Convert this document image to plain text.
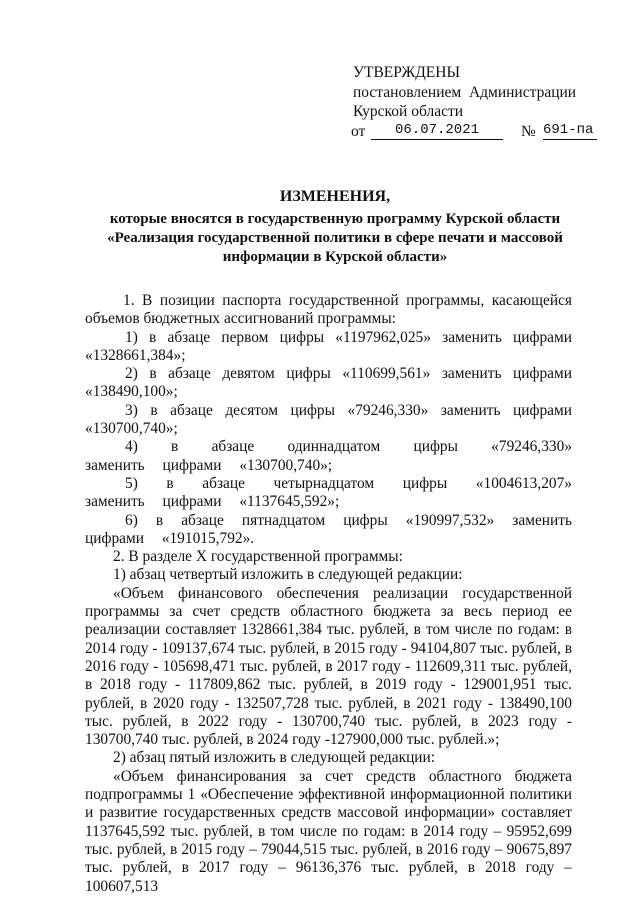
УТВЕРЖДЕНЫ
постановлением  Администрации
Курской области
от	06.07.2021	№ 691-па
ИЗМЕНЕНИЯ,
которые вносятся в государственную программу Курской области
«Реализация государственной политики в сфере печати и массовой
информации в Курской области»

1. В позиции паспорта государственной программы, касающейся объемов бюджетных ассигнований программы:

1) в абзаце первом цифры «1197962,025» заменить цифрами «1328661,384»;

2) в абзаце девятом цифры «110699,561» заменить цифрами «138490,100»;

3) в абзаце десятом цифры «79246,330» заменить цифрами «130700,740»;

4) в абзаце одиннадцатом цифры «79246,330» заменить цифрами «130700,740»;

5) в абзаце четырнадцатом цифры «1004613,207» заменить цифрами «1137645,592»;

6) в абзаце пятнадцатом цифры «190997,532» заменить цифрами «191015,792».

2. В разделе X государственной программы:

1) абзац четвертый изложить в следующей редакции:

«Объем финансового обеспечения реализации государственной программы за счет средств областного бюджета за весь период ее реализации составляет 1328661,384 тыс. рублей, в том числе по годам: в 2014 году - 109137,674 тыс. рублей, в 2015 году - 94104,807 тыс. рублей, в 2016 году - 105698,471 тыс. рублей, в 2017 году - 112609,311 тыс. рублей, в 2018 году - 117809,862 тыс. рублей, в 2019 году - 129001,951 тыс. рублей, в 2020 году - 132507,728 тыс. рублей, в 2021 году - 138490,100 тыс. рублей, в 2022 году - 130700,740 тыс. рублей, в 2023 году - 130700,740 тыс. рублей, в 2024 году -127900,000 тыс. рублей.»;

2) абзац пятый изложить в следующей редакции:

«Объем финансирования за счет средств областного бюджета подпрограммы 1 «Обеспечение эффективной информационной политики и развитие государственных средств массовой информации» составляет 1137645,592 тыс. рублей, в том числе по годам: в 2014 году – 95952,699 тыс. рублей, в 2015 году – 79044,515 тыс. рублей, в 2016 году – 90675,897 тыс. рублей, в 2017 году – 96136,376 тыс. рублей, в 2018 году – 100607,513
